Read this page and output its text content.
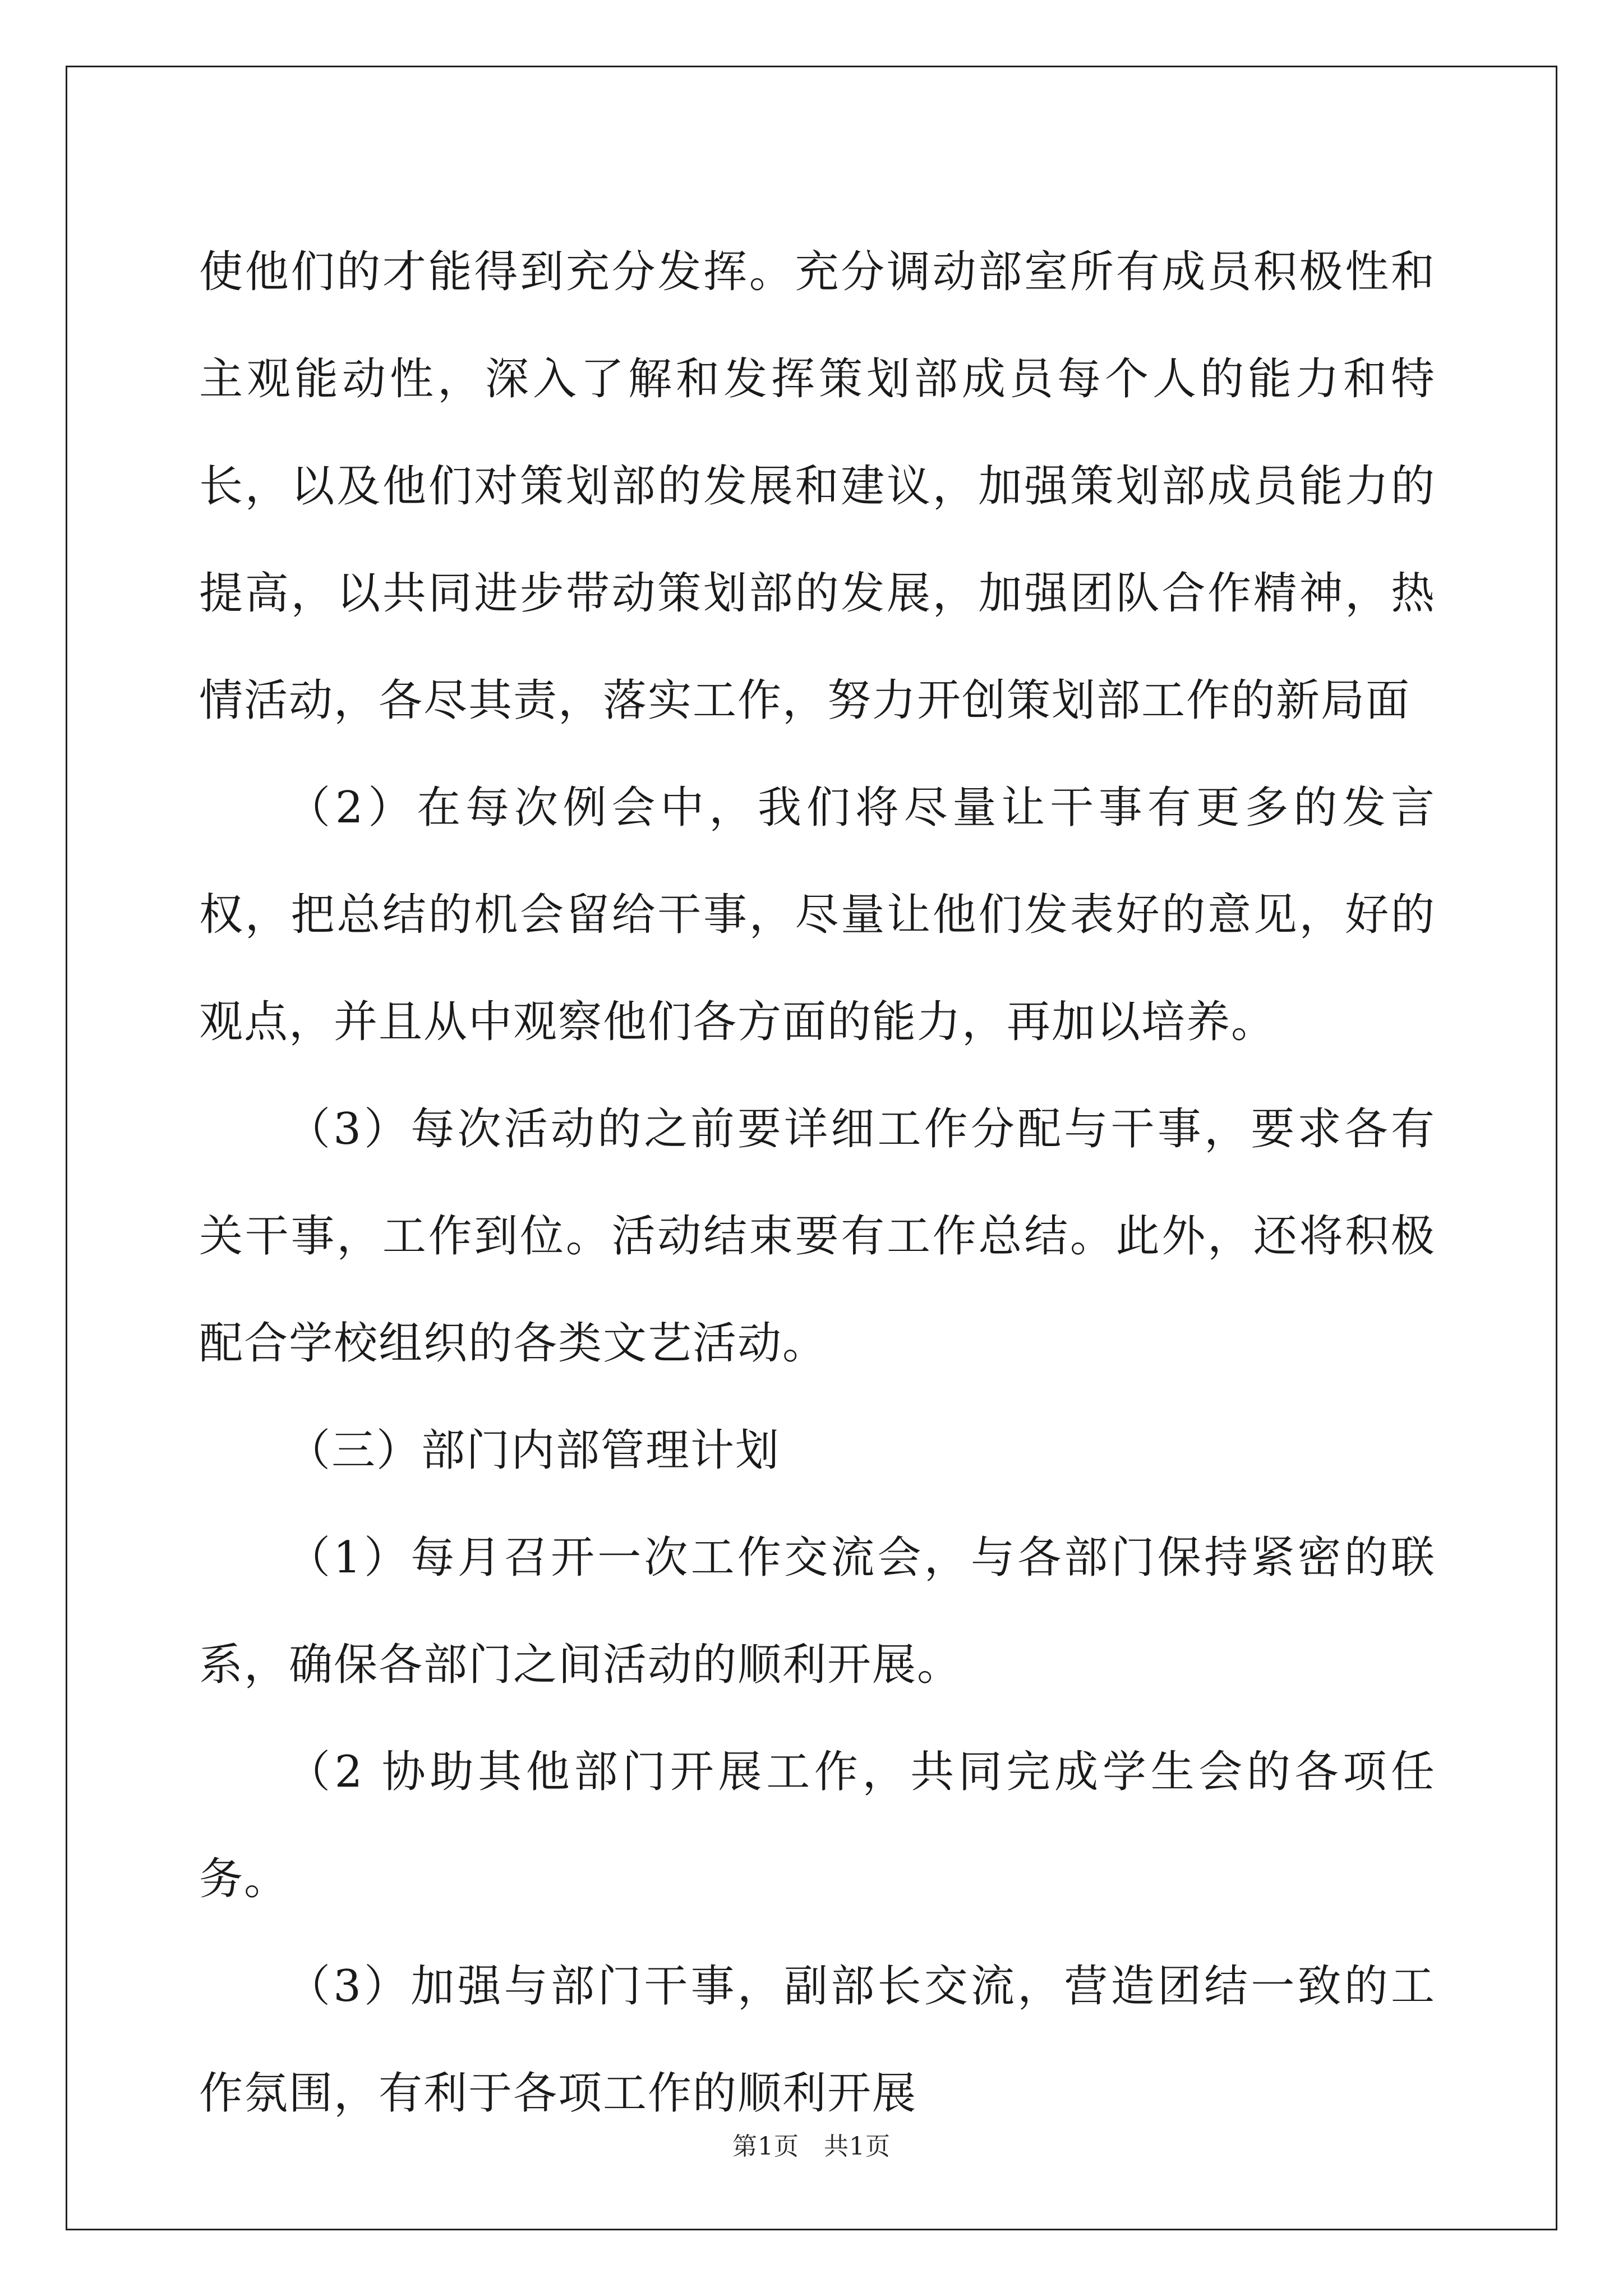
使他们的才能得到充分发挥。充分调动部室所有成员积极性和主观能动性，深入了解和发挥策划部成员每个人的能力和特长，以及他们对策划部的发展和建议，加强策划部成员能力的提高，以共同进步带动策划部的发展，加强团队合作精神，热情活动，各尽其责，落实工作，努力开创策划部工作的新局面

（2）在每次例会中，我们将尽量让干事有更多的发言权，把总结的机会留给干事，尽量让他们发表好的意见，好的观点，并且从中观察他们各方面的能力，再加以培养。

（3）每次活动的之前要详细工作分配与干事，要求各有关干事，工作到位。活动结束要有工作总结。此外，还将积极配合学校组织的各类文艺活动。

（三）部门内部管理计划

（1）每月召开一次工作交流会，与各部门保持紧密的联系，确保各部门之间活动的顺利开展。

（2 协助其他部门开展工作，共同完成学生会的各项任务。

（3）加强与部门干事，副部长交流，营造团结一致的工作氛围，有利于各项工作的顺利开展

第1页 共1页
